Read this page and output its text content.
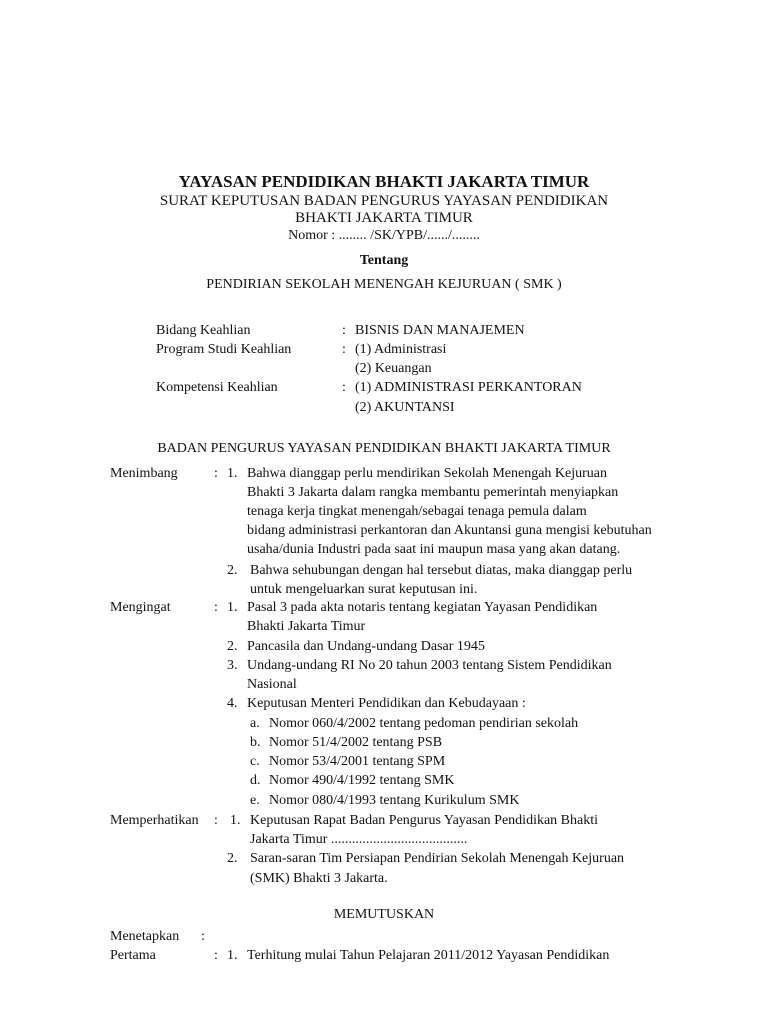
YAYASAN PENDIDIKAN BHAKTI JAKARTA TIMUR
SURAT KEPUTUSAN BADAN PENGURUS YAYASAN PENDIDIKAN
BHAKTI JAKARTA TIMUR
Nomor : ........ /SK/YPB/....../........
Tentang
PENDIRIAN SEKOLAH MENENGAH KEJURUAN ( SMK )
Bidang Keahlian	: BISNIS DAN MANAJEMEN
Program Studi Keahlian	: (1) Administrasi
(2) Keuangan
Kompetensi Keahlian	: (1) ADMINISTRASI PERKANTORAN
(2) AKUNTANSI
BADAN PENGURUS YAYASAN PENDIDIKAN BHAKTI JAKARTA TIMUR
Menimbang	: 1. Bahwa dianggap perlu mendirikan Sekolah Menengah Kejuruan
Bhakti 3 Jakarta dalam rangka membantu pemerintah menyiapkan
tenaga kerja tingkat menengah/sebagai tenaga pemula dalam
bidang administrasi perkantoran dan Akuntansi guna mengisi kebutuhan
usaha/dunia Industri pada saat ini maupun masa yang akan datang.
2. Bahwa sehubungan dengan hal tersebut diatas, maka dianggap perlu
untuk mengeluarkan surat keputusan ini.
Mengingat	: 1. Pasal 3 pada akta notaris tentang kegiatan Yayasan Pendidikan
Bhakti Jakarta Timur
2. Pancasila dan Undang-undang Dasar 1945
3. Undang-undang RI No 20 tahun 2003 tentang Sistem Pendidikan
Nasional
4. Keputusan Menteri Pendidikan dan Kebudayaan :
a. Nomor 060/4/2002 tentang pedoman pendirian sekolah
b. Nomor 51/4/2002 tentang PSB
c. Nomor 53/4/2001 tentang SPM
d. Nomor 490/4/1992 tentang SMK
e. Nomor 080/4/1993 tentang Kurikulum SMK
Memperhatikan : 1. Keputusan Rapat Badan Pengurus Yayasan Pendidikan Bhakti
Jakarta Timur .......................................
2. Saran-saran Tim Persiapan Pendirian Sekolah Menengah Kejuruan
(SMK) Bhakti 3 Jakarta.
MEMUTUSKAN
Menetapkan :
Pertama	: 1. Terhitung mulai Tahun Pelajaran 2011/2012 Yayasan Pendidikan
